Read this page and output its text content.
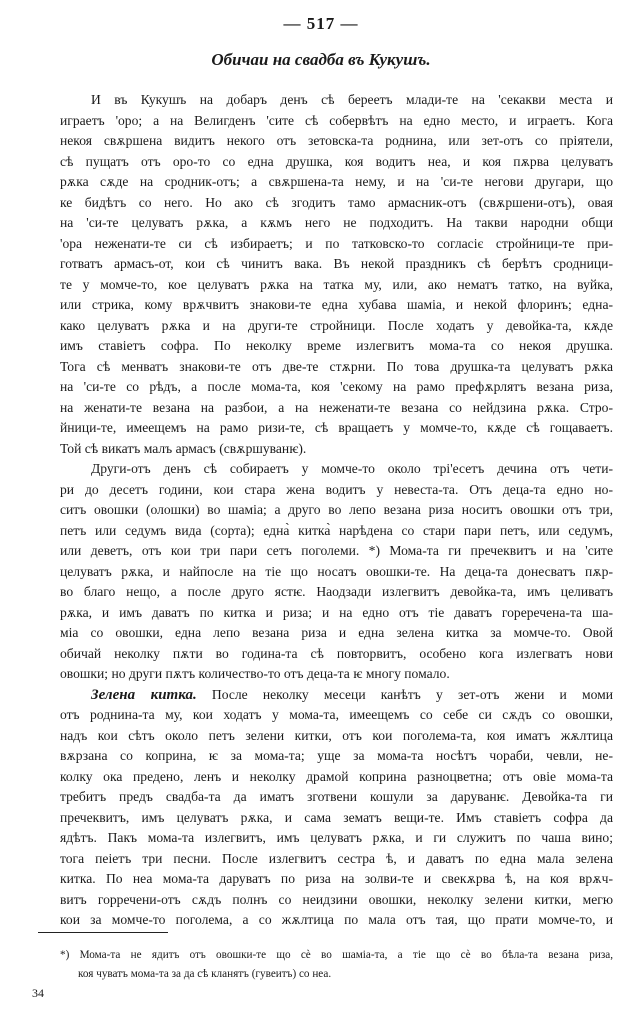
— 517 —
Обичаи на свадба въ Кукушъ.
И въ Кукушъ на добаръ денъ сѣ береетъ млади-те на 'секакви места и
играетъ 'оро; а на Велигденъ 'сите сѣ собервѣтъ на едно место, и играетъ. Кога
некоя свѫршена видитъ некого отъ зетовска-та роднина, или зет-отъ со пріятели,
сѣ пущатъ отъ оро-то со една друшка, коя водитъ неа, и коя пѫрва целуватъ
рѫка сѫде на сродник-отъ; а свѫршена-та нему, и на 'си-те негови другари, що
ке бидѣтъ со него. Но ако сѣ згодитъ тамо армасник-отъ (свѫршени-отъ), овая
на 'си-те целуватъ рѫка, а кѫмъ него не подходитъ. На такви народни общи
'ора неженати-те си сѣ избираетъ; и по татковско-то согласіє стройници-те при-
готватъ армасъ-от, кои сѣ чинитъ вака. Въ некой праздникъ сѣ берѣтъ сродници-
те у момче-то, кое целуватъ рѫка на татка му, или, ако нематъ татко, на вуйка,
или стрика, кому врѫчвитъ знакови-те една хубава шаміа, и некой флоринъ; една-
како целуватъ рѫка и на други-те стройници. После ходатъ у девойка-та, кѫде
имъ ставіетъ софра. По неколку време излегвитъ мома-та со некоя друшка.
Тога сѣ менватъ знакови-те отъ две-те стѫрни. По това друшка-та целуватъ рѫка
на 'си-те со рѣдъ, а после мома-та, коя 'секому на рамо префѫрлятъ везана риза,
на женати-те везана на разбои, а на неженати-те везана со нейдзина рѫка. Стро-
йници-те, имеещемъ на рамо ризи-те, сѣ вращаетъ у момче-то, кѫде сѣ гощаваетъ.
Той сѣ викатъ малъ армасъ (свѫршуванѥ).
Други-отъ денъ сѣ собираетъ у момче-то около трі'есетъ дечина отъ чети-
ри до десетъ години, кои стара жена водитъ у невеста-та. Отъ деца-та едно но-
ситъ овошки (олошки) во шаміа; а друго во лепо везана риза носитъ овошки отъ три,
петъ или седумъ вида (сорта); една̀ китка̀ нарѣдена со стари пари петъ, или седумъ,
или деветъ, отъ кои три пари сетъ поголеми. *) Мома-та ги пречеквитъ и на 'сите
целуватъ рѫка, и найпосле на тіе що носатъ овошки-те. На деца-та донесватъ пѫр-
во благо нещо, а после друго ястѥ. Наодзади излегвитъ девойка-та, имъ целиватъ
рѫка, и имъ даватъ по китка и риза; и на едно отъ тіе даватъ горереченa-та ша-
міа со овошки, една лепо везана риза и една зелена китка за момче-то. Овой
обичай неколку пѫти во година-та сѣ повторвитъ, особено кога излегватъ нови
овошки; но други пѫтъ количество-то отъ деца-та ѥ многу помало.
Зелена китка. После неколку месеци канѣтъ у зет-отъ жени и моми
отъ роднина-та му, кои ходатъ у мома-та, имеещемъ со себе си сѫдъ со овошки,
надъ кои сѣтъ около петъ зелени китки, отъ кои поголема-та, коя иматъ жѫлтица
вѫрзана со коприна, ѥ за мома-та; уще за мома-та носѣтъ чораби, чевли, не-
колку ока предено, ленъ и неколку драмой коприна разноцветна; отъ овіе мома-та
требитъ предъ свадба-та да иматъ зготвени кошули за даруванѥ. Девойка-та ги
пречеквитъ, имъ целуватъ рѫка, и сама зематъ вещи-те. Имъ ставіетъ софра да
ядѣтъ. Пакъ мома-та излегвитъ, имъ целуватъ рѫка, и ги служитъ по чаша вино;
тога пеіетъ три песни. После излегвитъ сестра ѣ, и даватъ по една мала зелена
китка. По неа мома-та даруватъ по риза на золви-те и свекѫрва ѣ, на коя врѫч-
витъ горречени-отъ сѫдъ полнъ со неидзини овошки, неколку зелени китки, мегю
кои за момче-то поголема, а со жѫлтица по мала отъ тая, що прати момче-то, и
*) Мома-та не ядитъ отъ овошки-те що сѐ во шаміа-та, а тіе що сѐ во бѣла-та везана риза,
коя чуватъ мома-та за да сѣ кланятъ (гувеитъ) со неа.
34
